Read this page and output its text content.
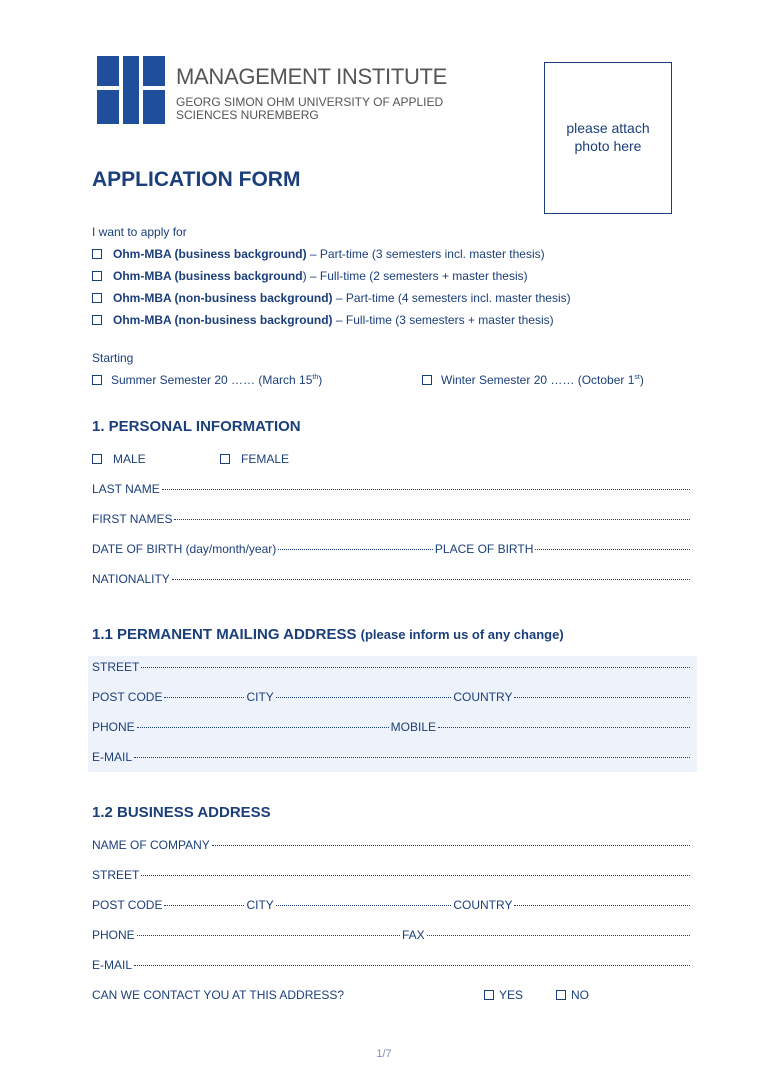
MANAGEMENT INSTITUTE
GEORG SIMON OHM UNIVERSITY OF APPLIED
SCIENCES NUREMBERG
please attach
photo here
APPLICATION FORM
I want to apply for
Ohm-MBA (business background) – Part-time (3 semesters incl. master thesis)
Ohm-MBA (business background) – Full-time (2 semesters + master thesis)
Ohm-MBA (non-business background) – Part-time (4 semesters incl. master thesis)
Ohm-MBA (non-business background) – Full-time (3 semesters + master thesis)
Starting
Summer Semester 20 …… (March 15th)	Winter Semester 20 …… (October 1st)
1. PERSONAL INFORMATION
MALE	FEMALE
LAST NAME
FIRST NAMES
DATE OF BIRTH (day/month/year)	PLACE OF BIRTH
NATIONALITY
1.1 PERMANENT MAILING ADDRESS (please inform us of any change)
STREET
POST CODE	CITY	COUNTRY
PHONE	MOBILE
E-MAIL
1.2 BUSINESS ADDRESS
NAME OF COMPANY
STREET
POST CODE	CITY	COUNTRY
PHONE	FAX
E-MAIL
CAN WE CONTACT YOU AT THIS ADDRESS?	YES	NO
1/7
